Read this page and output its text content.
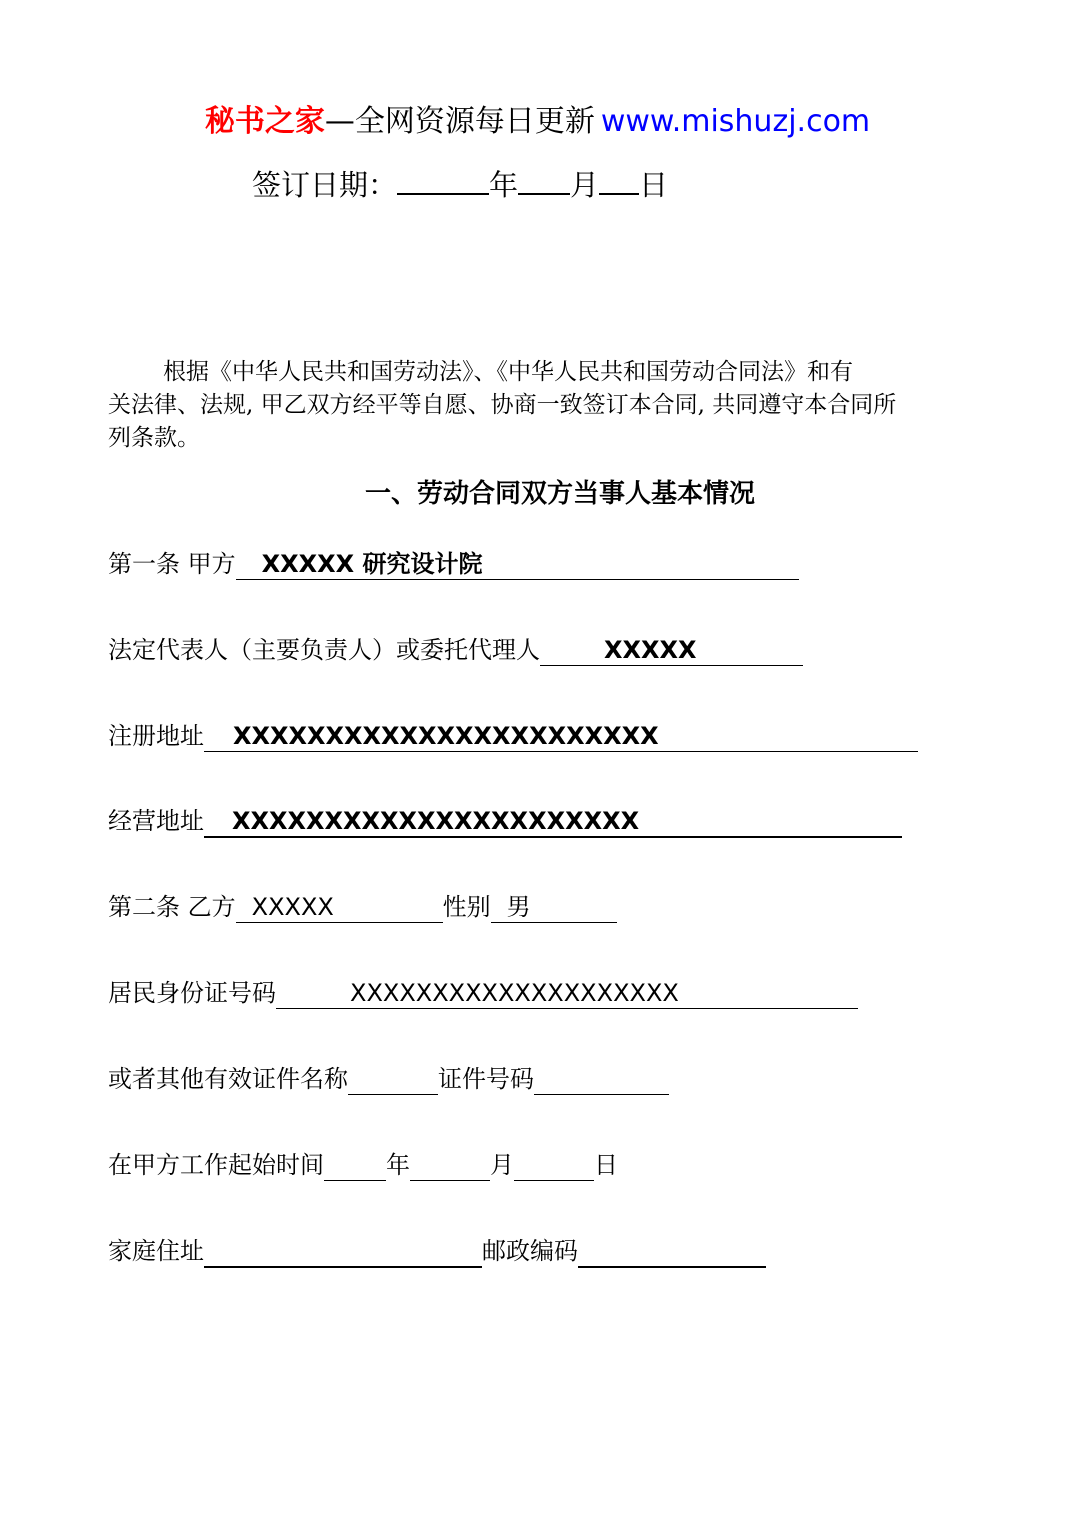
秘书之家—全网资源每日更新 www.mishuzj.com
签订日期：	年 月 日
根据《中华人民共和国劳动法》、《中华人民共和国劳动合同法》和有
关法律、法规, 甲乙双方经平等自愿、协商一致签订本合同, 共同遵守本合同所
列条款。
一、劳动合同双方当事人基本情况
第一条 甲方 XXXXX 研究设计院
法定代表人（主要负责人）或委托代理人	XXXXX
注册地址 XXXXXXXXXXXXXXXXXXXXXXX
经营地址 XXXXXXXXXXXXXXXXXXXXXX
第二条 乙方 XXXXX	性别 男
居民身份证号码	XXXXXXXXXXXXXXXXXXXX
或者其他有效证件名称	证件号码
在甲方工作起始时间	年	月	日
家庭住址	邮政编码
